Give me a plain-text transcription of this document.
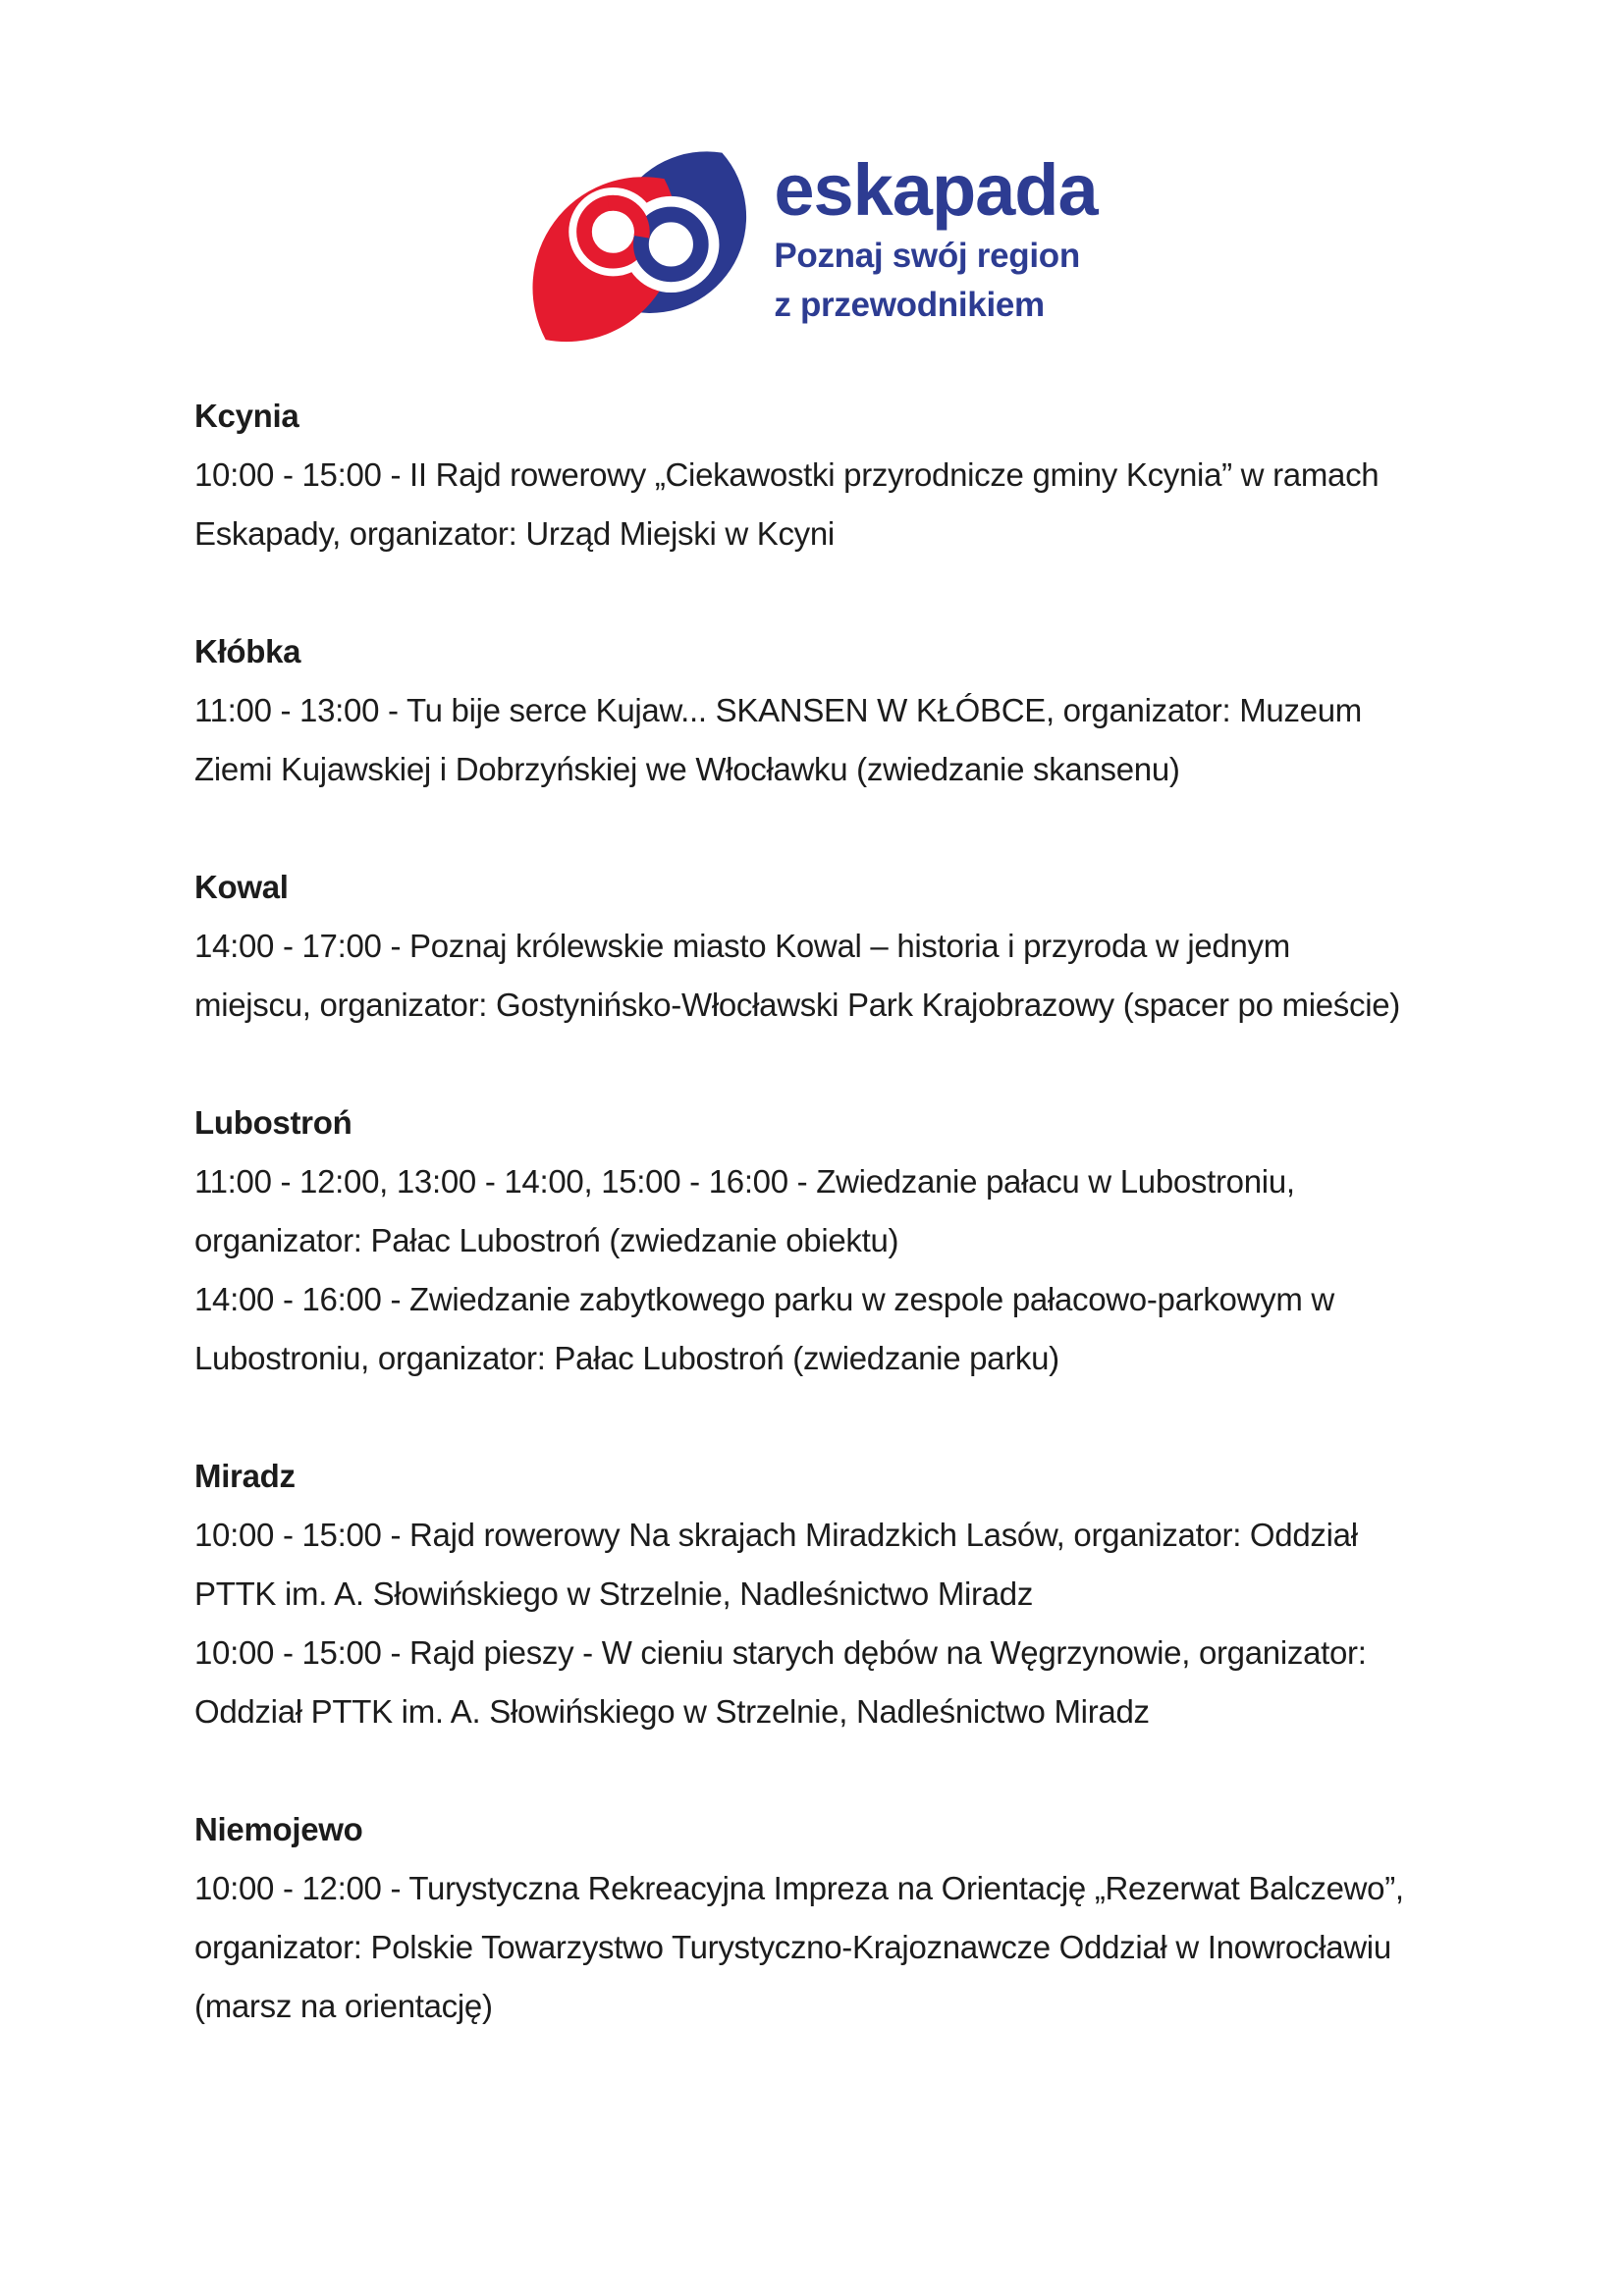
eskapada
Poznaj swój region
z przewodnikiem
Kcynia
10:00 - 15:00 - II Rajd rowerowy „Ciekawostki przyrodnicze gminy Kcynia” w ramach
Eskapady, organizator: Urząd Miejski w Kcyni
Kłóbka
11:00 - 13:00 - Tu bije serce Kujaw... SKANSEN W KŁÓBCE, organizator: Muzeum
Ziemi Kujawskiej i Dobrzyńskiej we Włocławku (zwiedzanie skansenu)
Kowal
14:00 - 17:00 - Poznaj królewskie miasto Kowal – historia i przyroda w jednym
miejscu, organizator: Gostynińsko-Włocławski Park Krajobrazowy (spacer po mieście)
Lubostroń
11:00 - 12:00, 13:00 - 14:00, 15:00 - 16:00 - Zwiedzanie pałacu w Lubostroniu,
organizator: Pałac Lubostroń (zwiedzanie obiektu)
14:00 - 16:00 - Zwiedzanie zabytkowego parku w zespole pałacowo-parkowym w
Lubostroniu, organizator: Pałac Lubostroń (zwiedzanie parku)
Miradz
10:00 - 15:00 - Rajd rowerowy Na skrajach Miradzkich Lasów, organizator: Oddział
PTTK im. A. Słowińskiego w Strzelnie, Nadleśnictwo Miradz
10:00 - 15:00 - Rajd pieszy - W cieniu starych dębów na Węgrzynowie, organizator:
Oddział PTTK im. A. Słowińskiego w Strzelnie, Nadleśnictwo Miradz
Niemojewo
10:00 - 12:00 - Turystyczna Rekreacyjna Impreza na Orientację „Rezerwat Balczewo”,
organizator: Polskie Towarzystwo Turystyczno-Krajoznawcze Oddział w Inowrocławiu
(marsz na orientację)
